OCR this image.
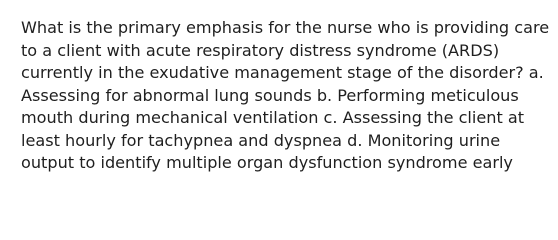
What is the primary emphasis for the nurse who is providing care
to a client with acute respiratory distress syndrome (ARDS)
currently in the exudative management stage of the disorder? a.
Assessing for abnormal lung sounds b. Performing meticulous
mouth during mechanical ventilation c. Assessing the client at
least hourly for tachypnea and dyspnea d. Monitoring urine
output to identify multiple organ dysfunction syndrome early
